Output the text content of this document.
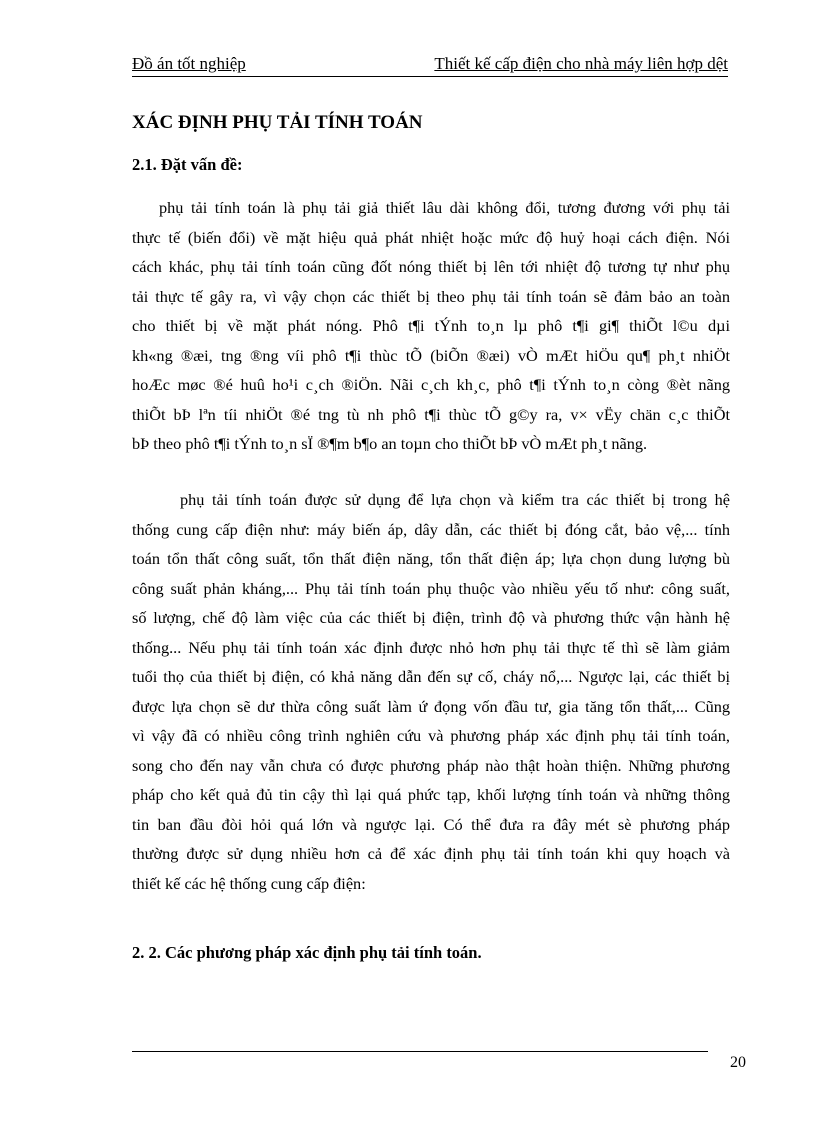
Đồ án tốt nghiệp	Thiết kế cấp điện cho nhà máy liên hợp dệt
XÁC ĐỊNH PHỤ TẢI TÍNH TOÁN
2.1. Đặt vấn đề:
phụ tải tính toán là phụ tải giả thiết lâu dài không đổi, tương đương với phụ tải
thực tế (biến đổi) về mặt hiệu quả phát nhiệt hoặc mức độ huỷ hoại cách điện. Nói
cách khác, phụ tải tính toán cũng đốt nóng thiết bị lên tới nhiệt độ tương tự như phụ
tải thực tế gây ra, vì vậy chọn các thiết bị theo phụ tải tính toán sẽ đảm bảo an toàn
cho thiết bị về mặt phát nóng. Phô t¶i tÝnh to¸n lµ phô t¶i gi¶ thiÕt l©u dµi
kh«ng ®æi, tng ®ng víi phô t¶i thùc tÕ (biÕn ®æi) vÒ mÆt hiÖu qu¶ ph¸t nhiÖt
hoÆc møc ®é huû ho¹i c¸ch ®iÖn. Nãi c¸ch kh¸c, phô t¶i tÝnh to¸n còng ®èt nãng
thiÕt bÞ lªn tíi nhiÖt ®é tng tù nh phô t¶i thùc tÕ g©y ra, v× vËy chän c¸c thiÕt
bÞ theo phô t¶i tÝnh to¸n sÏ ®¶m b¶o an toµn cho thiÕt bÞ vÒ mÆt ph¸t nãng.
phụ tải tính toán được sử dụng để lựa chọn và kiểm tra các thiết bị trong hệ
thống cung cấp điện như: máy biến áp, dây dẫn, các thiết bị đóng cắt, bảo vệ,... tính
toán tổn thất công suất, tổn thất điện năng, tổn thất điện áp; lựa chọn dung lượng bù
công suất phản kháng,... Phụ tải tính toán phụ thuộc vào nhiều yếu tố như: công suất,
số lượng, chế độ làm việc của các thiết bị điện, trình độ và phương thức vận hành hệ
thống... Nếu phụ tải tính toán xác định được nhỏ hơn phụ tải thực tế thì sẽ làm giảm
tuổi thọ của thiết bị điện, có khả năng dẫn đến sự cố, cháy nổ,... Ngược lại, các thiết bị
được lựa chọn sẽ dư thừa công suất làm ứ đọng vốn đầu tư, gia tăng tổn thất,... Cũng
vì vậy đã có nhiều công trình nghiên cứu và phương pháp xác định phụ tải tính toán,
song cho đến nay vẫn chưa có được phương pháp nào thật hoàn thiện. Những phương
pháp cho kết quả đủ tin cậy thì lại quá phức tạp, khối lượng tính toán và những thông
tin ban đầu đòi hỏi quá lớn và ngược lại. Có thể đưa ra đây mét sè phương pháp
thường được sử dụng nhiều hơn cả để xác định phụ tải tính toán khi quy hoạch và
thiết kế các hệ thống cung cấp điện:
2. 2. Các phương pháp xác định phụ tải tính toán.
20
